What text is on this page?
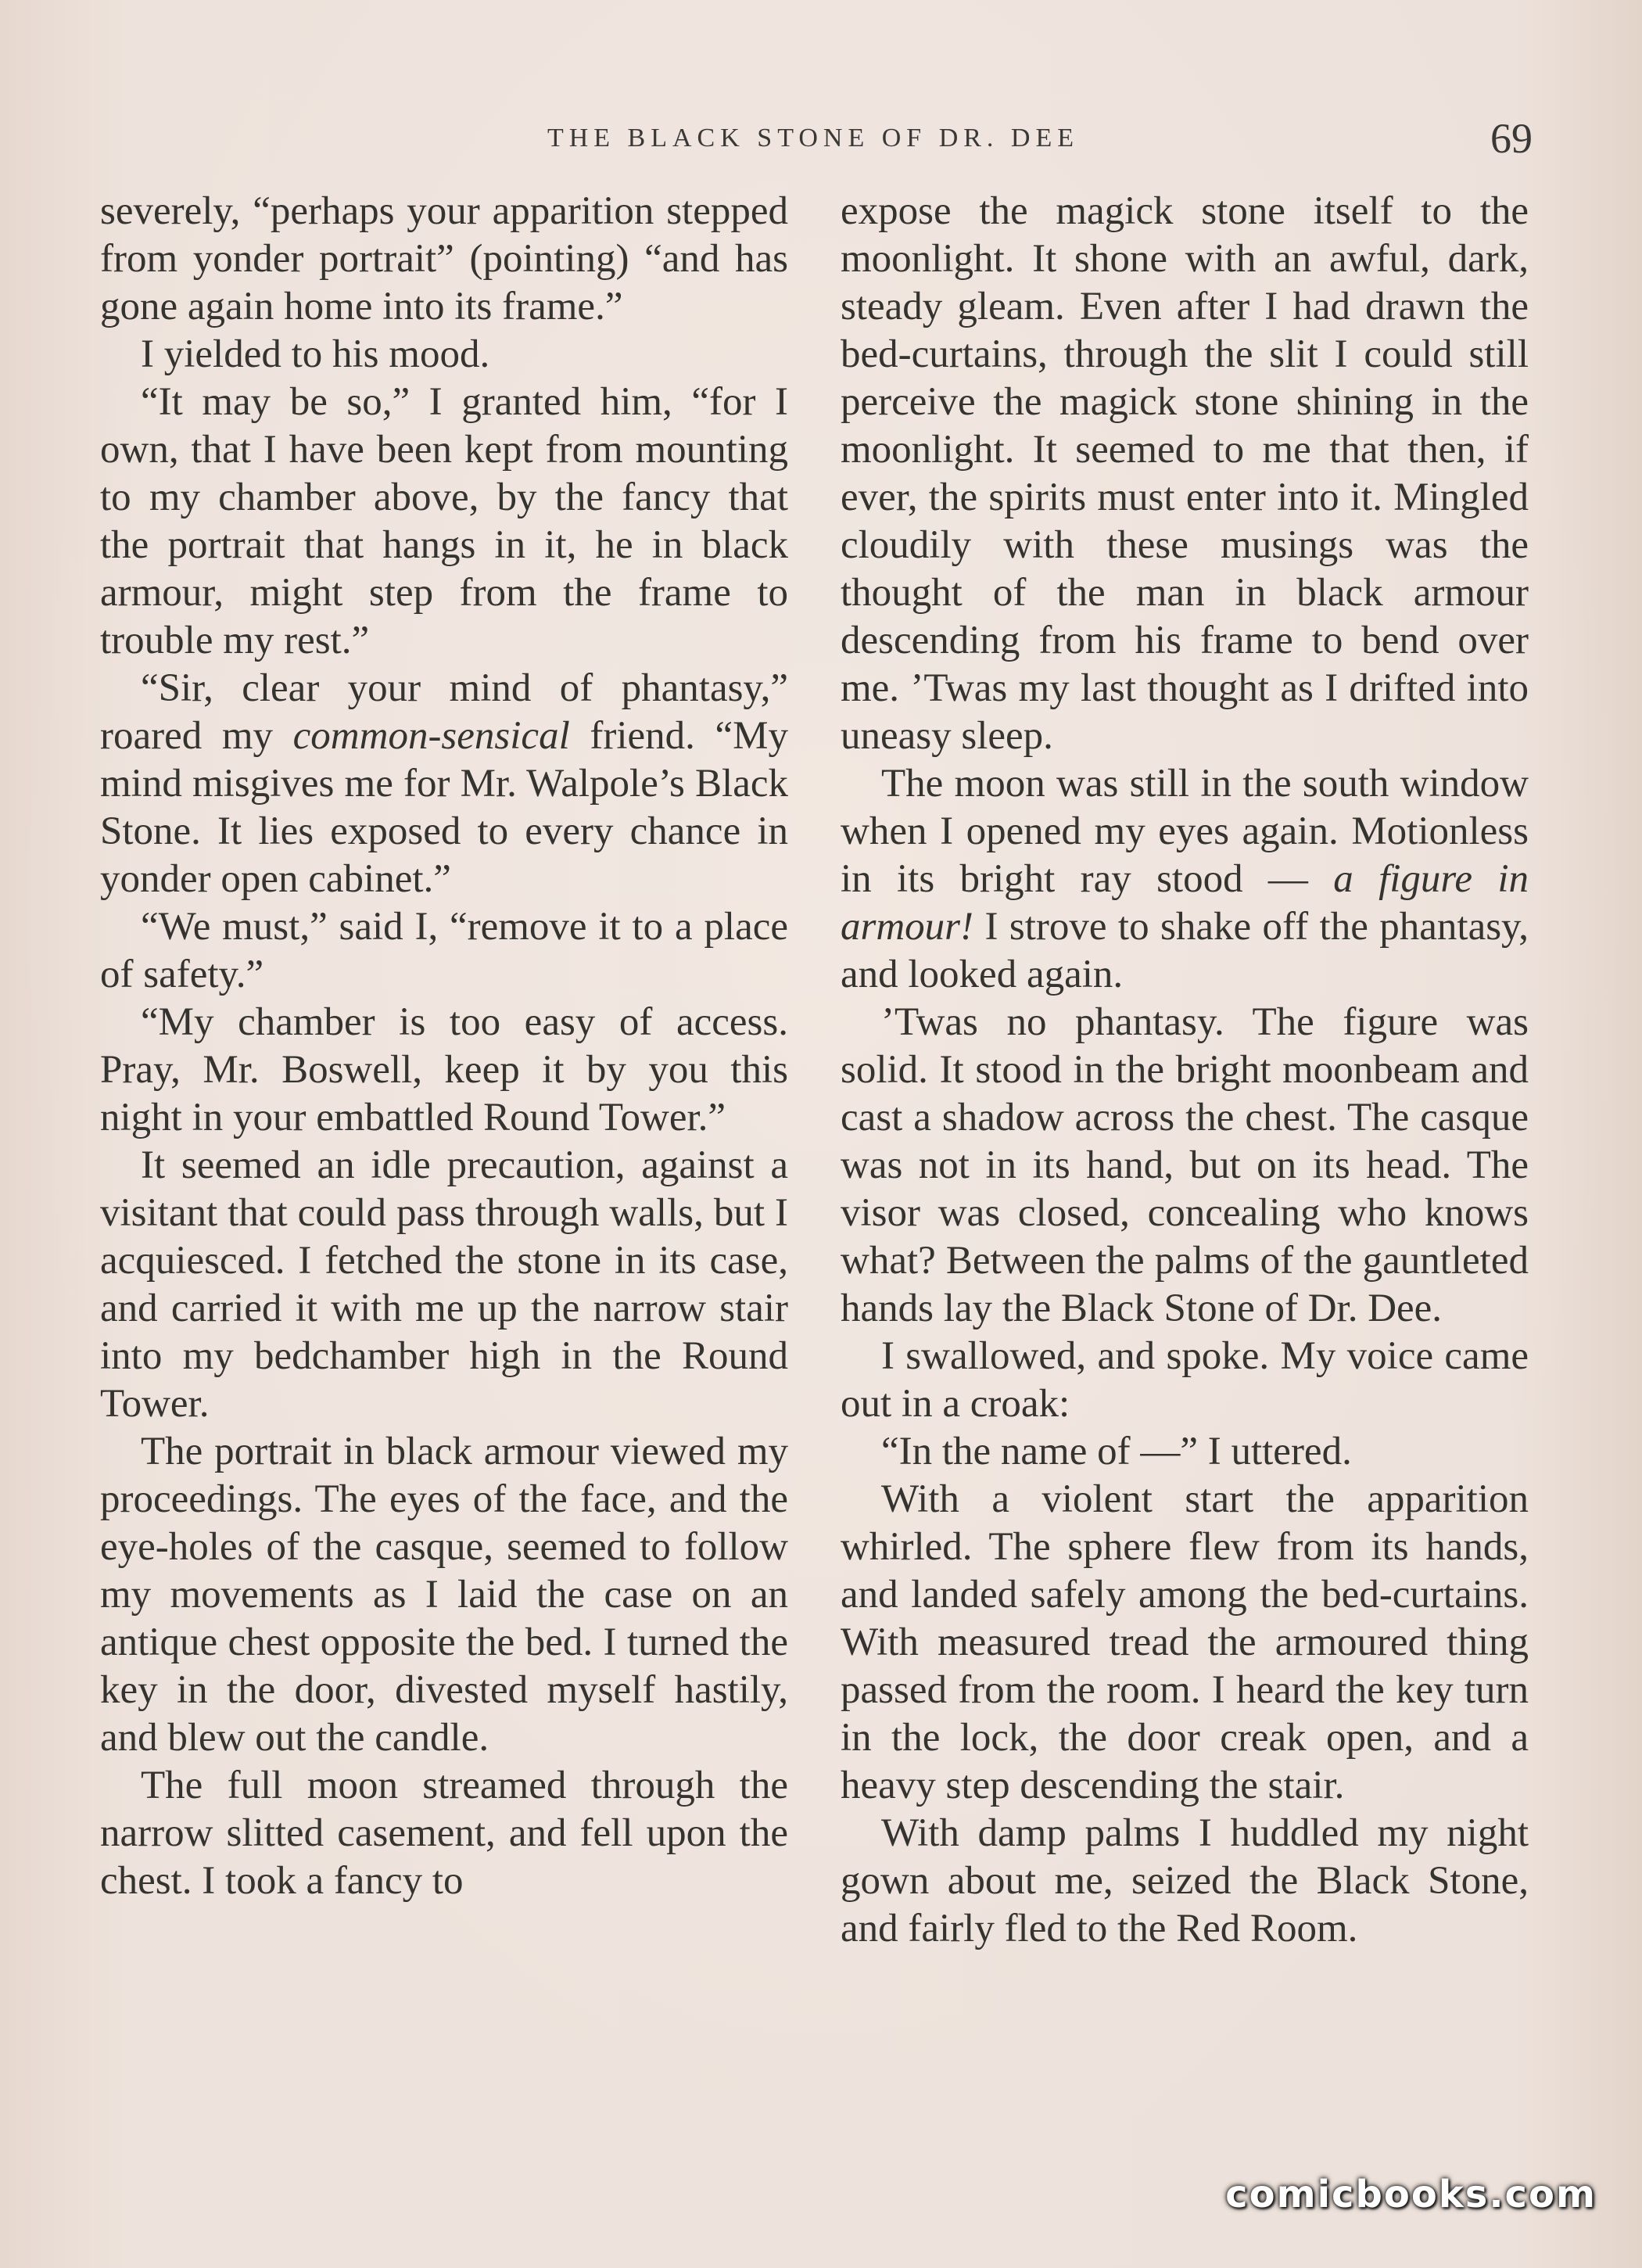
THE BLACK STONE OF DR. DEE	69

severely, “perhaps your apparition stepped from yonder portrait” (pointing) “and has gone again home into its frame.”

I yielded to his mood.

“It may be so,” I granted him, “for I own, that I have been kept from mounting to my chamber above, by the fancy that the portrait that hangs in it, he in black armour, might step from the frame to trouble my rest.”

“Sir, clear your mind of phantasy,” roared my common-sensical friend. “My mind misgives me for Mr. Walpole’s Black Stone. It lies exposed to every chance in yonder open cabinet.”

“We must,” said I, “remove it to a place of safety.”

“My chamber is too easy of access. Pray, Mr. Boswell, keep it by you this night in your embattled Round Tower.”

It seemed an idle precaution, against a visitant that could pass through walls, but I acquiesced. I fetched the stone in its case, and carried it with me up the narrow stair into my bedchamber high in the Round Tower.

The portrait in black armour viewed my proceedings. The eyes of the face, and the eye-holes of the casque, seemed to follow my movements as I laid the case on an antique chest opposite the bed. I turned the key in the door, divested myself hastily, and blew out the candle.

The full moon streamed through the narrow slitted casement, and fell upon the chest. I took a fancy to

expose the magick stone itself to the moonlight. It shone with an awful, dark, steady gleam. Even after I had drawn the bed-curtains, through the slit I could still perceive the magick stone shining in the moonlight. It seemed to me that then, if ever, the spirits must enter into it. Mingled cloudily with these musings was the thought of the man in black armour descending from his frame to bend over me. ’Twas my last thought as I drifted into uneasy sleep.

The moon was still in the south window when I opened my eyes again. Motionless in its bright ray stood — a figure in armour! I strove to shake off the phantasy, and looked again.

’Twas no phantasy. The figure was solid. It stood in the bright moonbeam and cast a shadow across the chest. The casque was not in its hand, but on its head. The visor was closed, concealing who knows what? Between the palms of the gauntleted hands lay the Black Stone of Dr. Dee.

I swallowed, and spoke. My voice came out in a croak:

“In the name of —” I uttered.

With a violent start the apparition whirled. The sphere flew from its hands, and landed safely among the bed-curtains. With measured tread the armoured thing passed from the room. I heard the key turn in the lock, the door creak open, and a heavy step descending the stair.

With damp palms I huddled my night gown about me, seized the Black Stone, and fairly fled to the Red Room.

comicbooks.com
